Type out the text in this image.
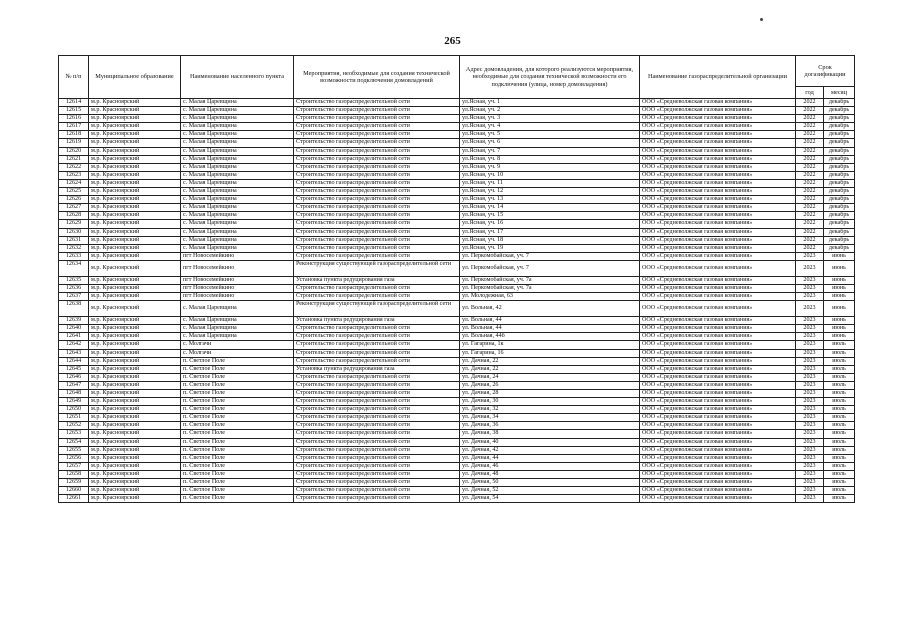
265
№ п/п	Муниципальное образование	Наименование населенного пункта	Мероприятия, необходимые для создания технической возможности подключения домовладений	Адрес домовладения, для которого реализуются мероприятия, необходимые для создания технической возможности его подключения (улица, номер домовладения)	Наименование газораспределительной организации	Срок догазификации	
						год	месяц
12614	м.р. Красноярский	с. Малая Царевщина	Строительство газораспределительной сети	ул.Ясная, уч. 1	ООО «Средневолжская газовая компания»	2022	декабрь
12615	м.р. Красноярский	с. Малая Царевщина	Строительство газораспределительной сети	ул.Ясная, уч. 2	ООО «Средневолжская газовая компания»	2022	декабрь
12616	м.р. Красноярский	с. Малая Царевщина	Строительство газораспределительной сети	ул.Ясная, уч. 3	ООО «Средневолжская газовая компания»	2022	декабрь
12617	м.р. Красноярский	с. Малая Царевщина	Строительство газораспределительной сети	ул.Ясная, уч. 4	ООО «Средневолжская газовая компания»	2022	декабрь
12618	м.р. Красноярский	с. Малая Царевщина	Строительство газораспределительной сети	ул.Ясная, уч. 5	ООО «Средневолжская газовая компания»	2022	декабрь
12619	м.р. Красноярский	с. Малая Царевщина	Строительство газораспределительной сети	ул.Ясная, уч. 6	ООО «Средневолжская газовая компания»	2022	декабрь
12620	м.р. Красноярский	с. Малая Царевщина	Строительство газораспределительной сети	ул.Ясная, уч. 7	ООО «Средневолжская газовая компания»	2022	декабрь
12621	м.р. Красноярский	с. Малая Царевщина	Строительство газораспределительной сети	ул.Ясная, уч. 8	ООО «Средневолжская газовая компания»	2022	декабрь
12622	м.р. Красноярский	с. Малая Царевщина	Строительство газораспределительной сети	ул.Ясная, уч. 9	ООО «Средневолжская газовая компания»	2022	декабрь
12623	м.р. Красноярский	с. Малая Царевщина	Строительство газораспределительной сети	ул.Ясная, уч. 10	ООО «Средневолжская газовая компания»	2022	декабрь
12624	м.р. Красноярский	с. Малая Царевщина	Строительство газораспределительной сети	ул.Ясная, уч. 11	ООО «Средневолжская газовая компания»	2022	декабрь
12625	м.р. Красноярский	с. Малая Царевщина	Строительство газораспределительной сети	ул.Ясная, уч. 12	ООО «Средневолжская газовая компания»	2022	декабрь
12626	м.р. Красноярский	с. Малая Царевщина	Строительство газораспределительной сети	ул.Ясная, уч. 13	ООО «Средневолжская газовая компания»	2022	декабрь
12627	м.р. Красноярский	с. Малая Царевщина	Строительство газораспределительной сети	ул.Ясная, уч. 14	ООО «Средневолжская газовая компания»	2022	декабрь
12628	м.р. Красноярский	с. Малая Царевщина	Строительство газораспределительной сети	ул.Ясная, уч. 15	ООО «Средневолжская газовая компания»	2022	декабрь
12629	м.р. Красноярский	с. Малая Царевщина	Строительство газораспределительной сети	ул.Ясная, уч. 16	ООО «Средневолжская газовая компания»	2022	декабрь
12630	м.р. Красноярский	с. Малая Царевщина	Строительство газораспределительной сети	ул.Ясная, уч. 17	ООО «Средневолжская газовая компания»	2022	декабрь
12631	м.р. Красноярский	с. Малая Царевщина	Строительство газораспределительной сети	ул.Ясная, уч. 18	ООО «Средневолжская газовая компания»	2022	декабрь
12632	м.р. Красноярский	с. Малая Царевщина	Строительство газораспределительной сети	ул.Ясная, уч. 19	ООО «Средневолжская газовая компания»	2022	декабрь
12633	м.р. Красноярский	пгт Новосемейкино	Строительство газораспределительной сети	ул. Перкомобайская, уч. 7	ООО «Средневолжская газовая компания»	2023	июнь
12634	м.р. Красноярский	пгт Новосемейкино	Реконструкция существующей газораспределительной сети	ул. Перкомобайская, уч. 7	ООО «Средневолжская газовая компания»	2023	июнь
12635	м.р. Красноярский	пгт Новосемейкино	Установка пункта редуцирования газа	ул. Перкомобайская, уч. 7а	ООО «Средневолжская газовая компания»	2023	июнь
12636	м.р. Красноярский	пгт Новосемейкино	Строительство газораспределительной сети	ул. Перкомобайская, уч. 7а	ООО «Средневолжская газовая компания»	2023	июнь
12637	м.р. Красноярский	пгт Новосемейкино	Строительство газораспределительной сети	ул. Молодежная, 63	ООО «Средневолжская газовая компания»	2023	июнь
12638	м.р. Красноярский	с. Малая Царевщина	Реконструкция существующей газораспределительной сети	ул. Вольная, 42	ООО «Средневолжская газовая компания»	2023	июнь
12639	м.р. Красноярский	с. Малая Царевщина	Установка пункта редуцирования газа	ул. Вольная, 44	ООО «Средневолжская газовая компания»	2023	июнь
12640	м.р. Красноярский	с. Малая Царевщина	Строительство газораспределительной сети	ул. Вольная, 44	ООО «Средневолжская газовая компания»	2023	июнь
12641	м.р. Красноярский	с. Малая Царевщина	Строительство газораспределительной сети	ул. Вольная, 44б	ООО «Средневолжская газовая компания»	2023	июнь
12642	м.р. Красноярский	с. Молгачи	Строительство газораспределительной сети	ул. Гагарина, 1к	ООО «Средневолжская газовая компания»	2023	июль
12643	м.р. Красноярский	с. Молгачи	Строительство газораспределительной сети	ул. Гагарина, 16	ООО «Средневолжская газовая компания»	2023	июль
12644	м.р. Красноярский	п. Светлое Поле	Строительство газораспределительной сети	ул. Дачная, 22	ООО «Средневолжская газовая компания»	2023	июль
12645	м.р. Красноярский	п. Светлое Поле	Установка пункта редуцирования газа	ул. Дачная, 22	ООО «Средневолжская газовая компания»	2023	июль
12646	м.р. Красноярский	п. Светлое Поле	Строительство газораспределительной сети	ул. Дачная, 24	ООО «Средневолжская газовая компания»	2023	июль
12647	м.р. Красноярский	п. Светлое Поле	Строительство газораспределительной сети	ул. Дачная, 26	ООО «Средневолжская газовая компания»	2023	июль
12648	м.р. Красноярский	п. Светлое Поле	Строительство газораспределительной сети	ул. Дачная, 28	ООО «Средневолжская газовая компания»	2023	июль
12649	м.р. Красноярский	п. Светлое Поле	Строительство газораспределительной сети	ул. Дачная, 30	ООО «Средневолжская газовая компания»	2023	июль
12650	м.р. Красноярский	п. Светлое Поле	Строительство газораспределительной сети	ул. Дачная, 32	ООО «Средневолжская газовая компания»	2023	июль
12651	м.р. Красноярский	п. Светлое Поле	Строительство газораспределительной сети	ул. Дачная, 34	ООО «Средневолжская газовая компания»	2023	июль
12652	м.р. Красноярский	п. Светлое Поле	Строительство газораспределительной сети	ул. Дачная, 36	ООО «Средневолжская газовая компания»	2023	июль
12653	м.р. Красноярский	п. Светлое Поле	Строительство газораспределительной сети	ул. Дачная, 38	ООО «Средневолжская газовая компания»	2023	июль
12654	м.р. Красноярский	п. Светлое Поле	Строительство газораспределительной сети	ул. Дачная, 40	ООО «Средневолжская газовая компания»	2023	июль
12655	м.р. Красноярский	п. Светлое Поле	Строительство газораспределительной сети	ул. Дачная, 42	ООО «Средневолжская газовая компания»	2023	июль
12656	м.р. Красноярский	п. Светлое Поле	Строительство газораспределительной сети	ул. Дачная, 44	ООО «Средневолжская газовая компания»	2023	июль
12657	м.р. Красноярский	п. Светлое Поле	Строительство газораспределительной сети	ул. Дачная, 46	ООО «Средневолжская газовая компания»	2023	июль
12658	м.р. Красноярский	п. Светлое Поле	Строительство газораспределительной сети	ул. Дачная, 48	ООО «Средневолжская газовая компания»	2023	июль
12659	м.р. Красноярский	п. Светлое Поле	Строительство газораспределительной сети	ул. Дачная, 50	ООО «Средневолжская газовая компания»	2023	июль
12660	м.р. Красноярский	п. Светлое Поле	Строительство газораспределительной сети	ул. Дачная, 52	ООО «Средневолжская газовая компания»	2023	июль
12661	м.р. Красноярский	п. Светлое Поле	Строительство газораспределительной сети	ул. Дачная, 54	ООО «Средневолжская газовая компания»	2023	июль
